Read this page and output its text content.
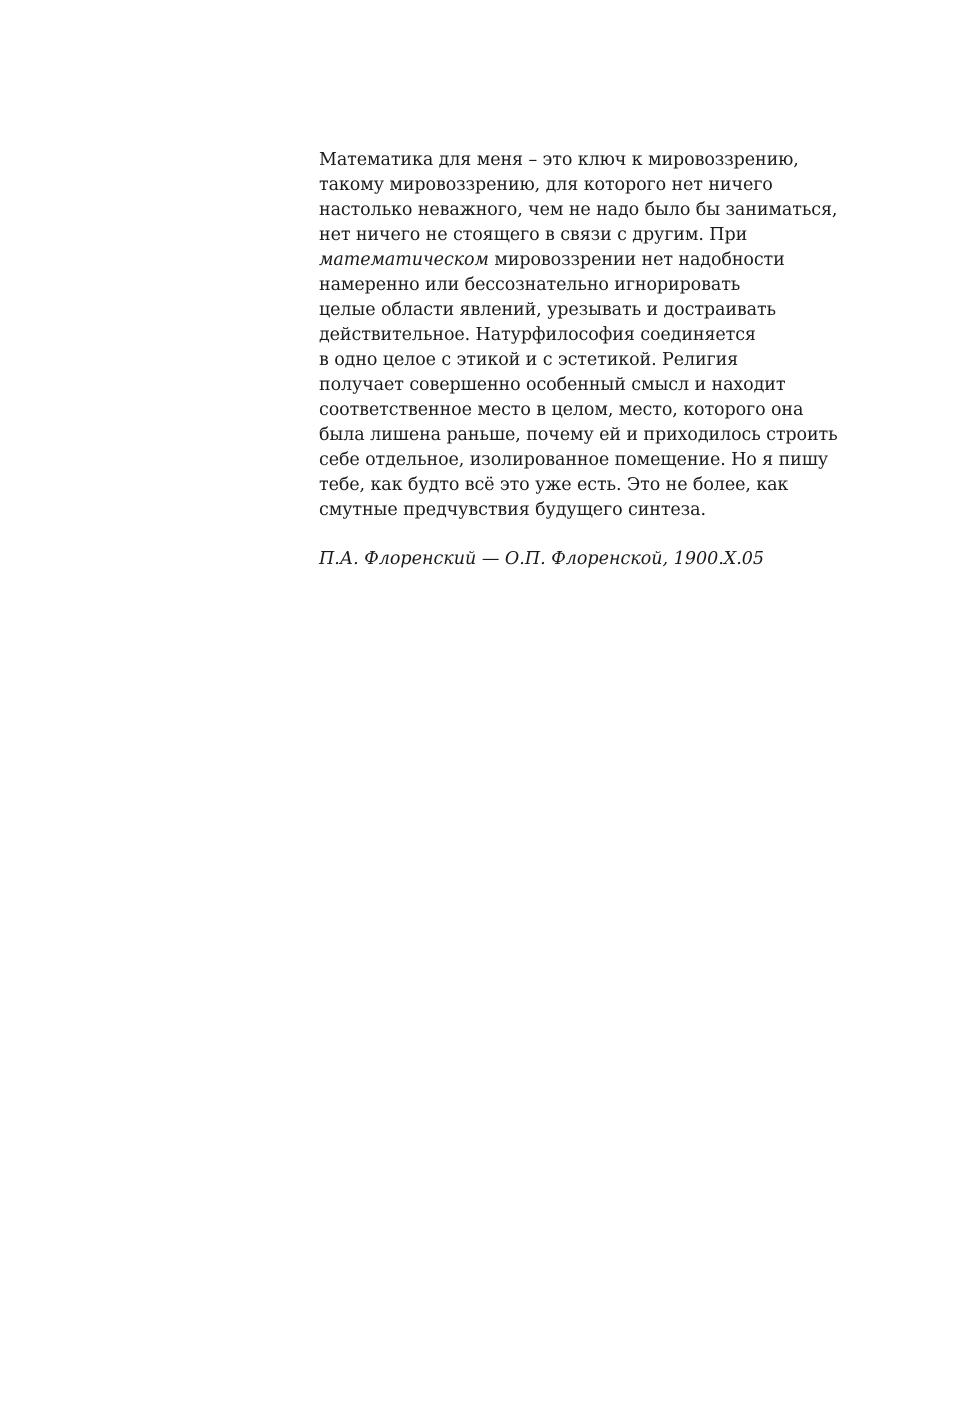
Математика для меня – это ключ к мировоззрению,
такому мировоззрению, для которого нет ничего
настолько неважного, чем не надо было бы заниматься,
нет ничего не стоящего в связи с другим. При
математическом мировоззрении нет надобности
намеренно или бессознательно игнорировать
целые области явлений, урезывать и достраивать
действительное. Натурфилософия соединяется
в одно целое с этикой и с эстетикой. Религия
получает совершенно особенный смысл и находит
соответственное место в целом, место, которого она
была лишена раньше, почему ей и приходилось строить
себе отдельное, изолированное помещение. Но я пишу
тебе, как будто всё это уже есть. Это не более, как
смутные предчувствия будущего синтеза.
П.А. Флоренский — О.П. Флоренской, 1900.X.05
